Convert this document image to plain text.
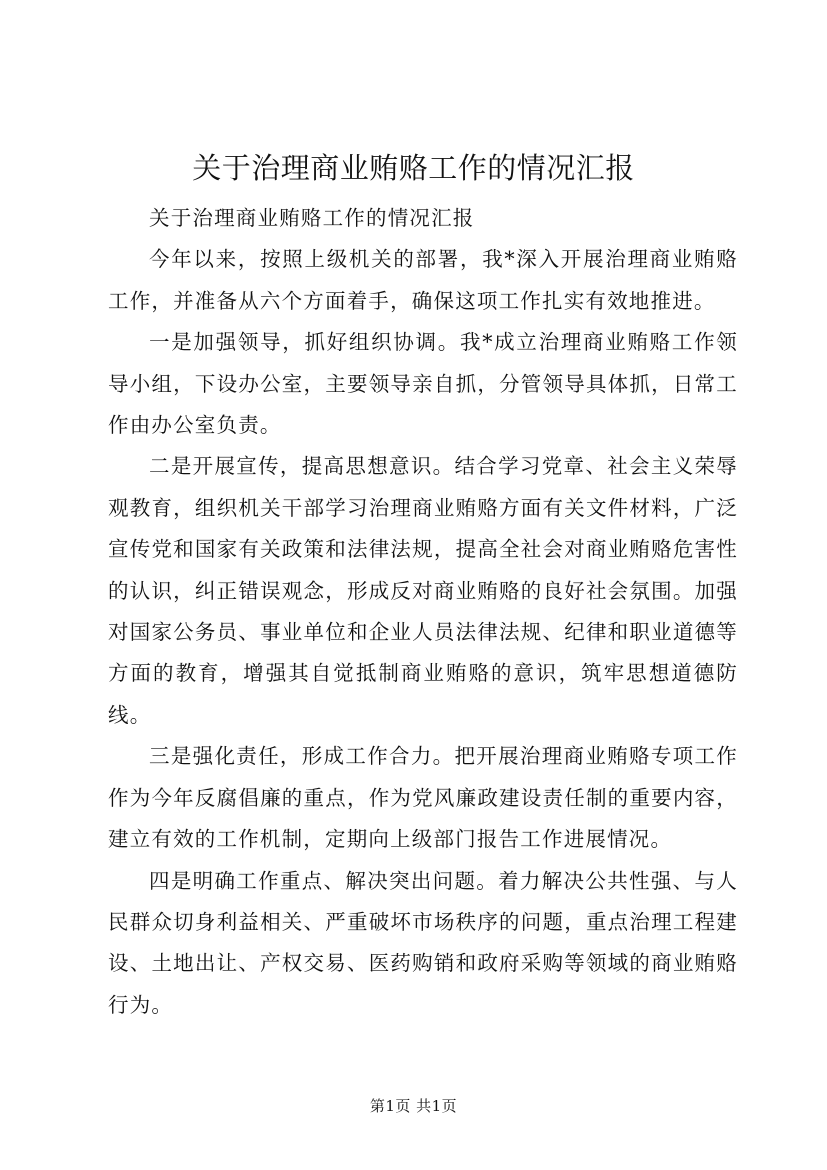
关于治理商业贿赂工作的情况汇报

关于治理商业贿赂工作的情况汇报

今年以来，按照上级机关的部署，我*深入开展治理商业贿赂工作，并准备从六个方面着手，确保这项工作扎实有效地推进。

一是加强领导，抓好组织协调。我*成立治理商业贿赂工作领导小组，下设办公室，主要领导亲自抓，分管领导具体抓，日常工作由办公室负责。

二是开展宣传，提高思想意识。结合学习党章、社会主义荣辱观教育，组织机关干部学习治理商业贿赂方面有关文件材料，广泛宣传党和国家有关政策和法律法规，提高全社会对商业贿赂危害性的认识，纠正错误观念，形成反对商业贿赂的良好社会氛围。加强对国家公务员、事业单位和企业人员法律法规、纪律和职业道德等方面的教育，增强其自觉抵制商业贿赂的意识，筑牢思想道德防线。

三是强化责任，形成工作合力。把开展治理商业贿赂专项工作作为今年反腐倡廉的重点，作为党风廉政建设责任制的重要内容，建立有效的工作机制，定期向上级部门报告工作进展情况。

四是明确工作重点、解决突出问题。着力解决公共性强、与人民群众切身利益相关、严重破坏市场秩序的问题，重点治理工程建设、土地出让、产权交易、医药购销和政府采购等领域的商业贿赂行为。

第1页 共1页
